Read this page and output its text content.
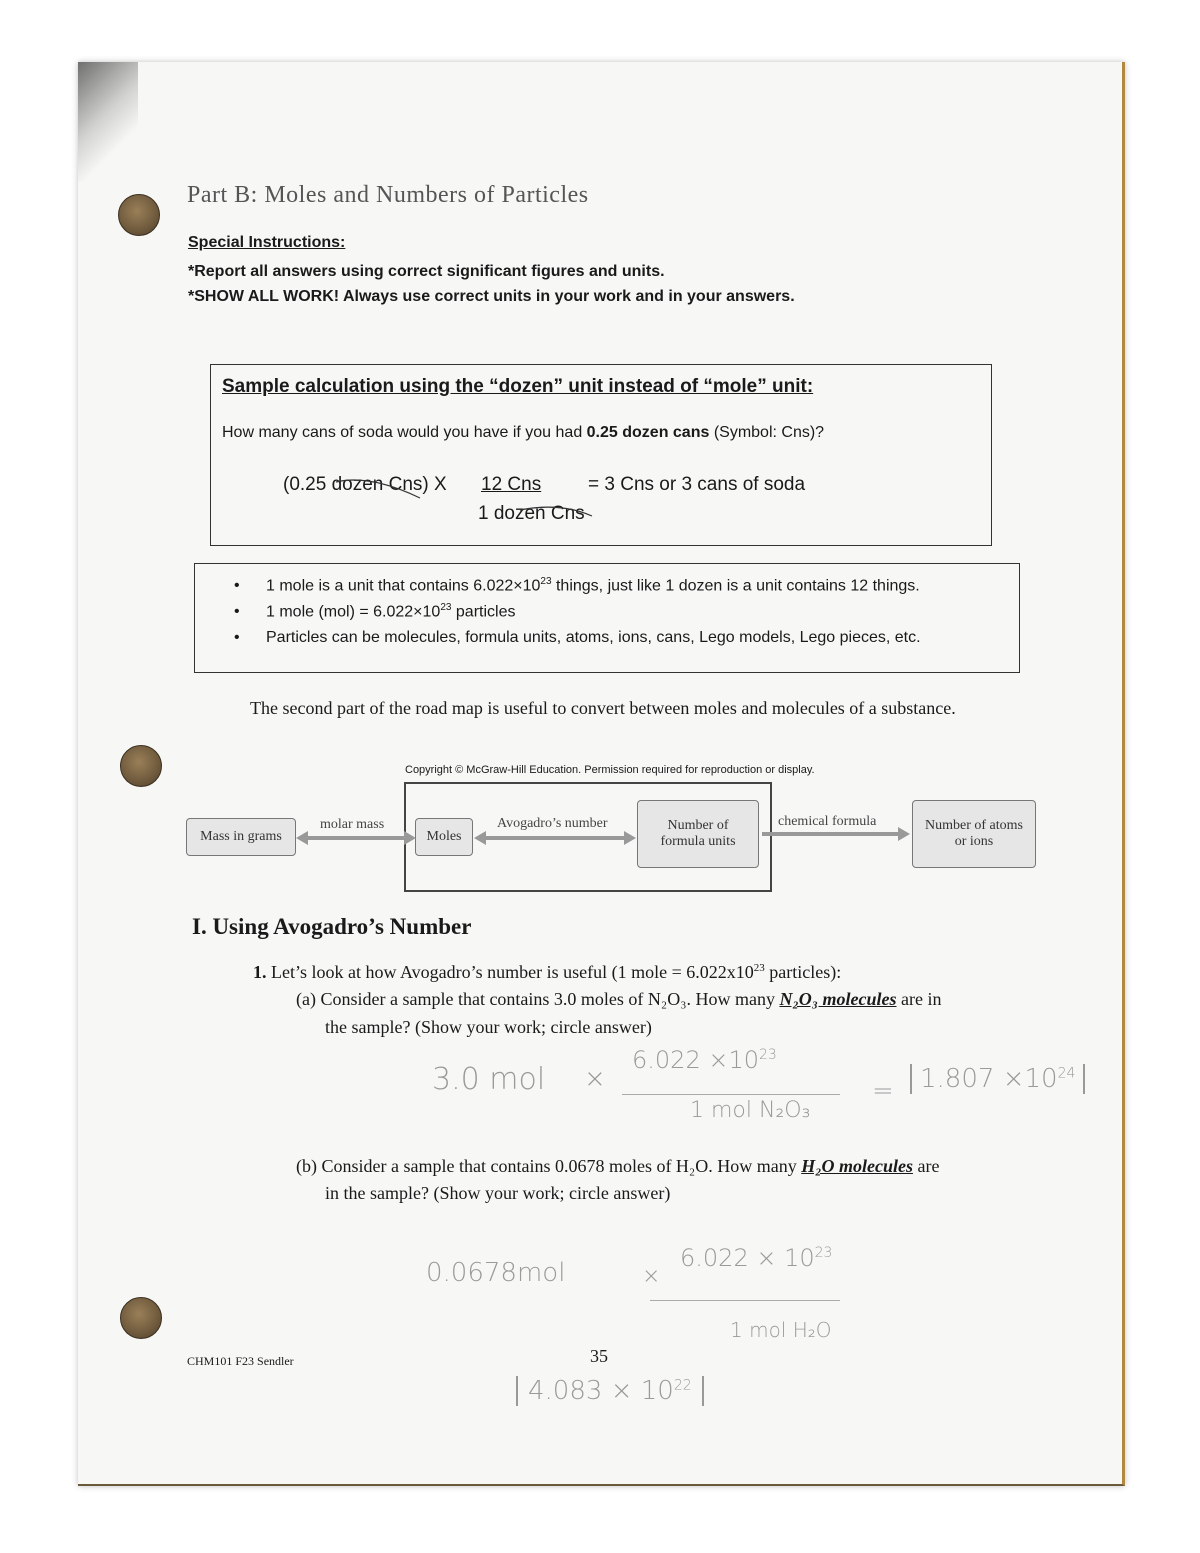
Part B: Moles and Numbers of Particles
Special Instructions:
*Report all answers using correct significant figures and units.
*SHOW ALL WORK! Always use correct units in your work and in your answers.
Sample calculation using the “dozen” unit instead of “mole” unit:
How many cans of soda would you have if you had 0.25 dozen cans (Symbol: Cns)?
(0.25 dozen Cns) X 12 Cns
1 dozen Cns
= 3 Cns or 3 cans of soda
• 1 mole is a unit that contains $6.022\times 10^{23}$ things, just like 1 dozen is a unit contains 12 things.
• 1 mole $(mol) = 6.022\times 10^{23}$ particles
• Particles can be molecules, formula units, atoms, ions, cans, Lego models, Lego pieces, etc.
The second part of the road map is useful to convert between moles and molecules of a substance.
Copyright © McGraw-Hill Education. Permission required for reproduction or display.
Mass in grams	Moles
Number of formula units
Number of atoms or ions
molar mass	Avogadro’s number	chemical formula
I. Using Avogadro’s Number
1. Let’s look at how Avogadro’s number is useful (1 mole = $6.022x10^{23}$ particles):
(a) Consider a sample that contains 3.0 moles of N₂O₃. How many N₂O₃ molecules are in
the sample? (Show your work; circle answer)
3.0 mol ×
$6.022 \times 10^{23}$
1 mol N₂O₃
=	$1.807 \times 10^{24}$
(b) Consider a sample that contains 0.0678 moles of H₂O. How many H₂O molecules are
in the sample? (Show your work; circle answer)
0.0678mol	×
$6.022 \times 10^{23}$
1 mol H₂O
$4.083 \times 10^{22}$
CHM101 F23 Sendler	35
